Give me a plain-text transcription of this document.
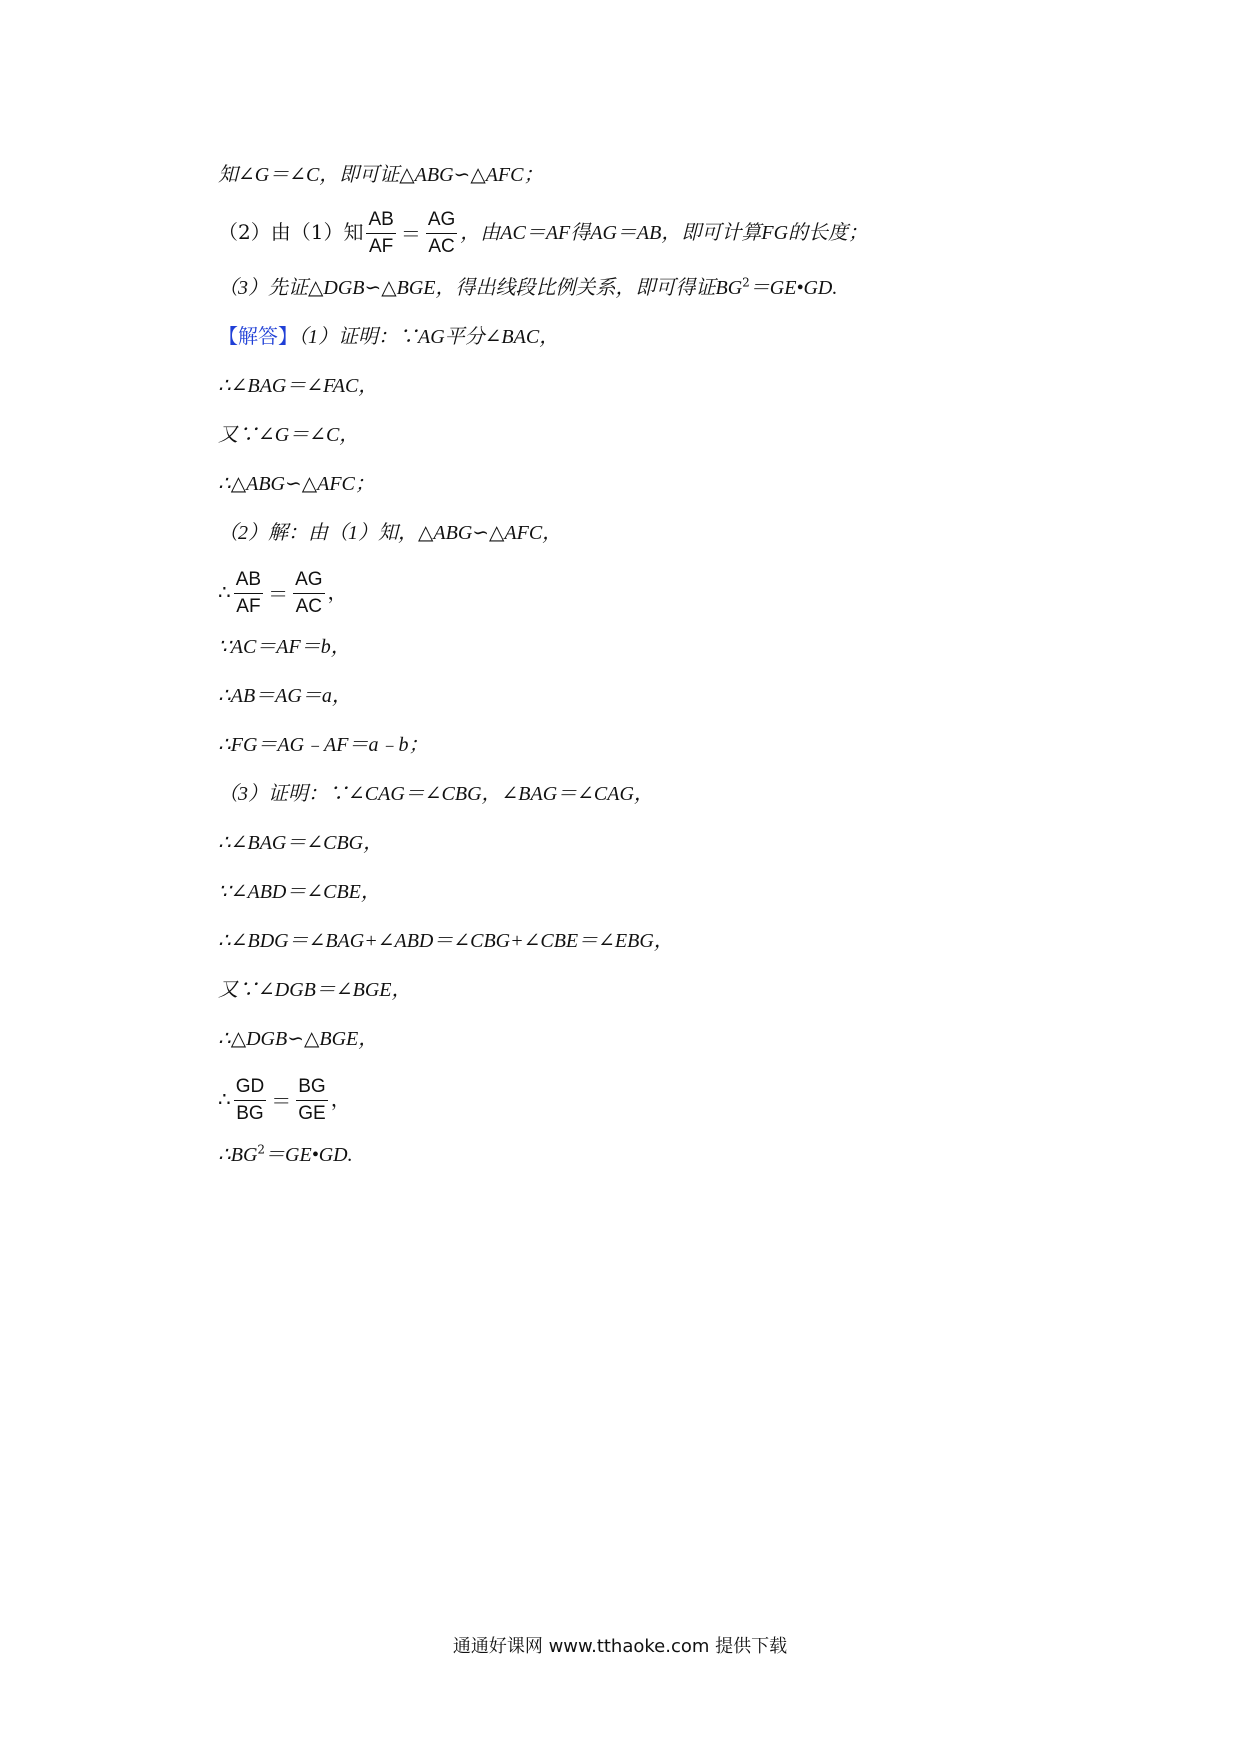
知∠G＝∠C，即可证△ABG∽△AFC；
（2）由（1）知 $\frac{AB}{AF} = \frac{AG}{AC}$ ，由AC＝AF得AG＝AB，即可计算FG的长度；
（3）先证△DGB∽△BGE，得出线段比例关系，即可得证$BG^2=GE•GD$.
【解答】（1）证明：∵AG平分∠BAC，
∴∠BAG＝∠FAC，
又∵∠G＝∠C，
∴△ABG∽△AFC；
（2）解：由（1）知，△ABG∽△AFC，
∴ $\frac{AB}{AF} = \frac{AG}{AC}$ ，
∵AC＝AF＝b，
∴AB＝AG＝a，
∴FG＝AG﹣AF＝a﹣b；
（3）证明：∵∠CAG＝∠CBG，∠BAG＝∠CAG，
∴∠BAG＝∠CBG，
∵∠ABD＝∠CBE，
∴∠BDG＝∠BAG+∠ABD＝∠CBG+∠CBE＝∠EBG，
又∵∠DGB＝∠BGE，
∴△DGB∽△BGE，
∴ $\frac{GD}{BG} = \frac{BG}{GE}$ ，
$\therefore BG^2=GE•GD$.
通通好课网 www.tthaoke.com 提供下载
